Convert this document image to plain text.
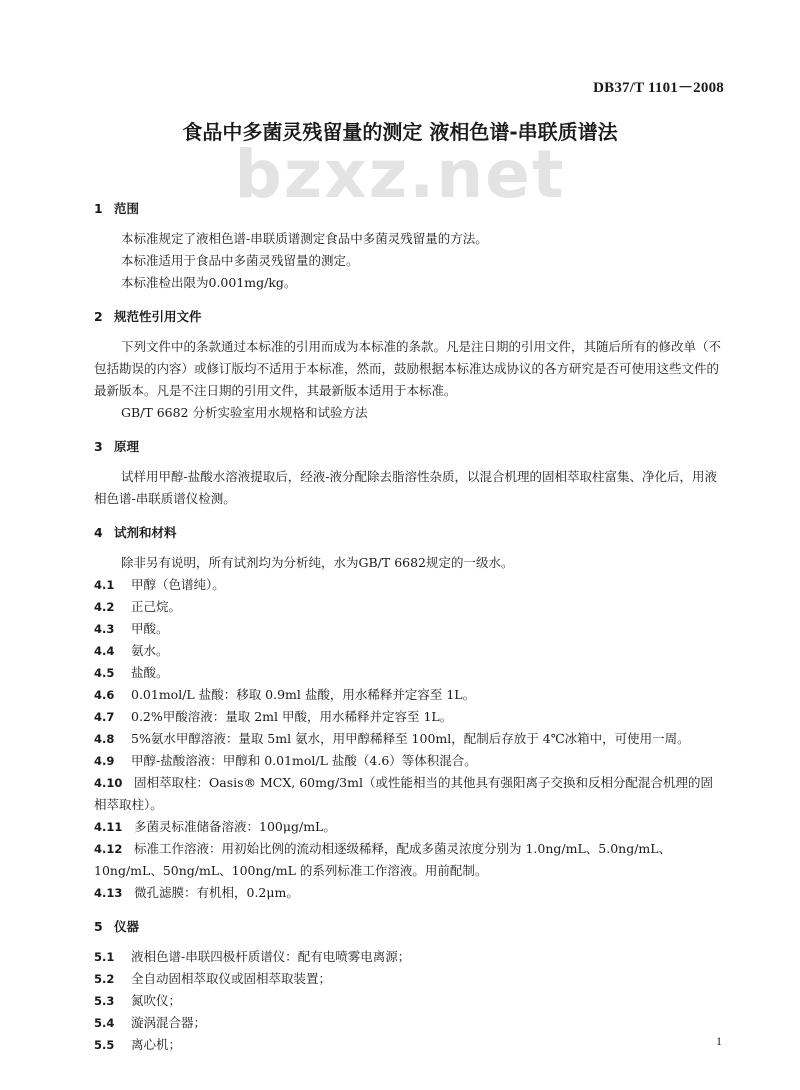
bzxz.net
DB37/T 1101－2008
食品中多菌灵残留量的测定 液相色谱-串联质谱法
1 范围

本标准规定了液相色谱-串联质谱测定食品中多菌灵残留量的方法。

本标准适用于食品中多菌灵残留量的测定。

本标准检出限为0.001mg/kg。

2 规范性引用文件

下列文件中的条款通过本标准的引用而成为本标准的条款。凡是注日期的引用文件，其随后所有的修改单（不包括勘误的内容）或修订版均不适用于本标准，然而，鼓励根据本标准达成协议的各方研究是否可使用这些文件的最新版本。凡是不注日期的引用文件，其最新版本适用于本标准。

GB/T 6682 分析实验室用水规格和试验方法

3 原理

试样用甲醇-盐酸水溶液提取后，经液-液分配除去脂溶性杂质，以混合机理的固相萃取柱富集、净化后，用液相色谱-串联质谱仪检测。

4 试剂和材料

除非另有说明，所有试剂均为分析纯，水为GB/T 6682规定的一级水。

4.1 甲醇（色谱纯）。

4.2 正己烷。

4.3 甲酸。

4.4 氨水。

4.5 盐酸。

4.6 0.01mol/L 盐酸：移取 0.9ml 盐酸，用水稀释并定容至 1L。

4.7 0.2%甲酸溶液：量取 2ml 甲酸，用水稀释并定容至 1L。

4.8 5%氨水甲醇溶液：量取 5ml 氨水，用甲醇稀释至 100ml，配制后存放于 4℃冰箱中，可使用一周。

4.9 甲醇-盐酸溶液：甲醇和 0.01mol/L 盐酸（4.6）等体积混合。

4.10 固相萃取柱：Oasis® MCX, 60mg/3ml（或性能相当的其他具有强阳离子交换和反相分配混合机理的固相萃取柱）。

4.11 多菌灵标准储备溶液：100μg/mL。

4.12 标准工作溶液：用初始比例的流动相逐级稀释，配成多菌灵浓度分别为 1.0ng/mL、5.0ng/mL、10ng/mL、50ng/mL、100ng/mL 的系列标准工作溶液。用前配制。

4.13 微孔滤膜：有机相，0.2μm。

5 仪器

5.1 液相色谱-串联四极杆质谱仪：配有电喷雾电离源；

5.2 全自动固相萃取仪或固相萃取装置；

5.3 氮吹仪；

5.4 漩涡混合器；

5.5 离心机；	1
